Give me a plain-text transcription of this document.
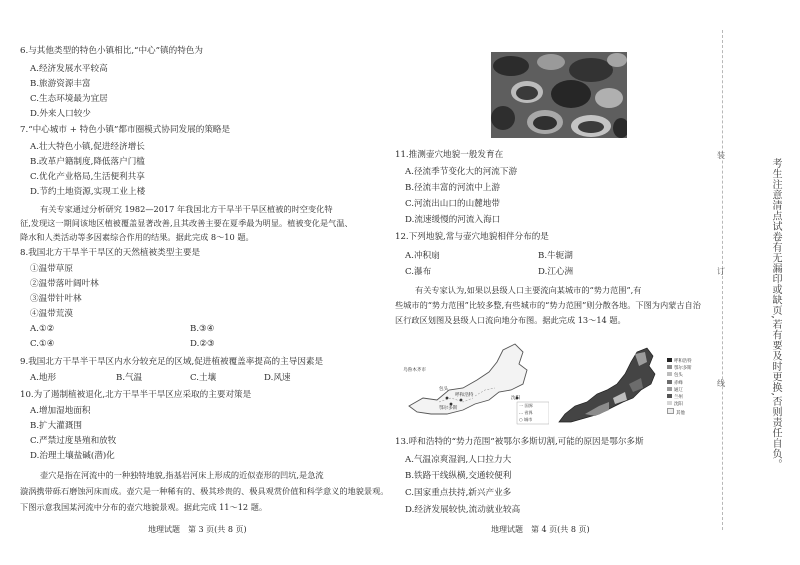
6.与其他类型的特色小镇相比,“中心”镇的特色为
A.经济发展水平较高
B.旅游资源丰富
C.生态环境最为宜居
D.外来人口较少
7.“中心城市 + 特色小镇”都市圈模式协同发展的策略是
A.壮大特色小镇,促进经济增长
B.改革户籍制度,降低落户门槛
C.优化产业格局,生活便利共享
D.节约土地资源,实现工业上楼
有关专家通过分析研究 1982—2017 年我国北方干旱半干旱区植被的时空变化特
征,发现这一期间该地区植被覆盖显著改善,且其改善主要在夏季最为明显。植被变化是气温、
降水和人类活动等多因素综合作用的结果。据此完成 8～10 题。
8.我国北方干旱半干旱区的天然植被类型主要是
①温带草原
②温带落叶阔叶林
③温带针叶林
④温带荒漠
A.①②	B.③④
C.①④	D.②③
9.我国北方干旱半干旱区内水分较充足的区域,促进植被覆盖率提高的主导因素是
A.地形	B.气温	C.土壤	D.风速
10.为了遏制植被退化,北方干旱半干旱区应采取的主要对策是
A.增加湿地面积
B.扩大灌溉围
C.严禁过度垦殖和放牧
D.治理土壤盐碱(潜)化
壶穴是指在河流中的一种独特地貌,指基岩河床上形成的近似壶形的凹坑,是急流
漩涡携带砾石磨蚀河床而成。壶穴是一种稀有的、极其珍贵的、极具观赏价值和科学意义的地貌景观。
下图示意我国某河流中分布的壶穴地貌景观。据此完成 11～12 题。
地理试题　第 3 页(共 8 页)
11.推测壶穴地貌一般发育在
A.径流季节变化大的河流下游
B.径流丰富的河流中上游
C.河流出山口的山麓地带
D.流速缓慢的河流入海口
12.下列地貌,常与壶穴地貌相伴分布的是
A.冲积扇	B.牛轭湖
C.瀑布	D.江心洲
有关专家认为,如果以县级人口主要流向某城市的“势力范围”,有
些城市的“势力范围”比较多整,有些城市的“势力范围”则分散各地。下图为内蒙古自治
区行政区划图及县级人口流向地分布图。据此完成 13～14 题。
乌鲁木齐市
沈阳
呼和浩特
鄂尔多斯
包头
一 国界
... 省界
○ 城市
呼和浩特
鄂尔多斯
包头
赤峰
通辽
兰州
沈阳
其他
13.呼和浩特的“势力范围”被鄂尔多斯切割,可能的原因是鄂尔多斯
A.气温凉爽湿润,人口拉力大
B.铁路干线纵横,交通较便利
C.国家重点扶持,新兴产业多
D.经济发展较快,流动就业较高
地理试题　第 4 页(共 8 页)
装
订
线	考生注意清点试卷有无漏印或缺页,若有要及时更换,否则责任自负。
